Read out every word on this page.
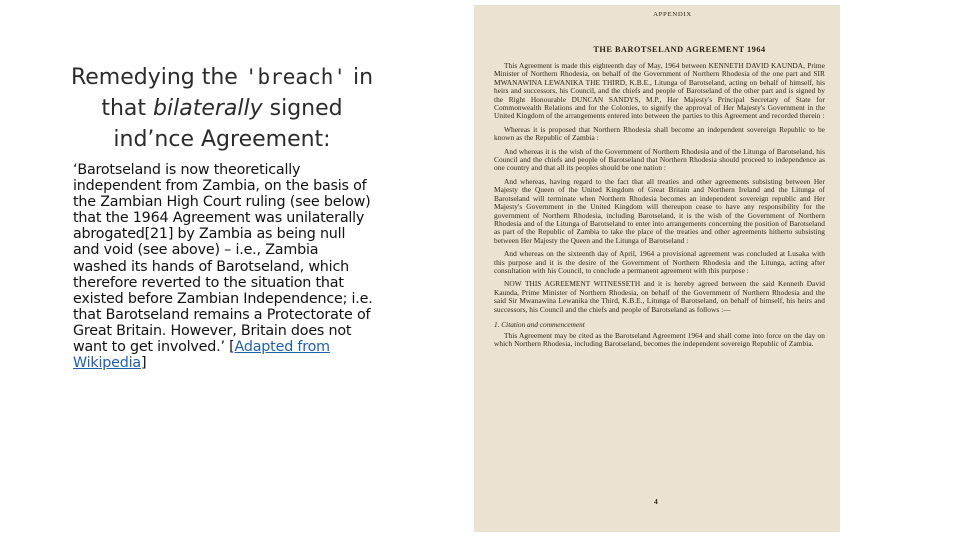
Remedying the 'breach' in that bilaterally signed ind’nce Agreement:
‘Barotseland is now theoretically independent from Zambia, on the basis of the Zambian High Court ruling (see below) that the 1964 Agreement was unilaterally abrogated[21] by Zambia as being null and void (see above) – i.e., Zambia washed its hands of Barotseland, which therefore reverted to the situation that existed before Zambian Independence; i.e. that Barotseland remains a Protectorate of Great Britain. However, Britain does not want to get involved.’ [Adapted from Wikipedia]
APPENDIX
THE BAROTSELAND AGREEMENT 1964

This Agreement is made this eighteenth day of May, 1964 between KENNETH DAVID KAUNDA, Prime Minister of Northern Rhodesia, on behalf of the Government of Northern Rhodesia of the one part and SIR MWANAWINA LEWANIKA THE THIRD, K.B.E., Litunga of Barotseland, acting on behalf of himself, his heirs and successors, his Council, and the chiefs and people of Barotseland of the other part and is signed by the Right Honourable DUNCAN SANDYS, M.P., Her Majesty's Principal Secretary of State for Commonwealth Relations and for the Colonies, to signify the approval of Her Majesty's Government in the United Kingdom of the arrangements entered into between the parties to this Agreement and recorded therein :

Whereas it is proposed that Northern Rhodesia shall become an independent sovereign Republic to be known as the Republic of Zambia :

And whereas it is the wish of the Government of Northern Rhodesia and of the Litunga of Barotseland, his Council and the chiefs and people of Barotseland that Northern Rhodesia should proceed to independence as one country and that all its peoples should be one nation :

And whereas, having regard to the fact that all treaties and other agreements subsisting between Her Majesty the Queen of the United Kingdom of Great Britain and Northern Ireland and the Litunga of Barotseland will terminate when Northern Rhodesia becomes an independent sovereign republic and Her Majesty's Government in the United Kingdom will thereupon cease to have any responsibility for the government of Northern Rhodesia, including Barotseland, it is the wish of the Government of Northern Rhodesia and of the Litunga of Barotseland to enter into arrangements concerning the position of Barotseland as part of the Republic of Zambia to take the place of the treaties and other agreements hitherto subsisting between Her Majesty the Queen and the Litunga of Barotseland :

And whereas on the sixteenth day of April, 1964 a provisional agreement was concluded at Lusaka with this purpose and it is the desire of the Government of Northern Rhodesia and the Litunga, acting after consultation with his Council, to conclude a permanent agreement with this purpose :

NOW THIS AGREEMENT WITNESSETH and it is hereby agreed between the said Kenneth David Kaunda, Prime Minister of Northern Rhodesia, on behalf of the Government of Northern Rhodesia and the said Sir Mwanawina Lewanika the Third, K.B.E., Litunga of Barotseland, on behalf of himself, his heirs and successors, his Council and the chiefs and people of Barotseland as follows :—

1. Citation and commencement

This Agreement may be cited as the Barotseland Agreement 1964 and shall come into force on the day on which Northern Rhodesia, including Barotseland, becomes the independent sovereign Republic of Zambia.

4
